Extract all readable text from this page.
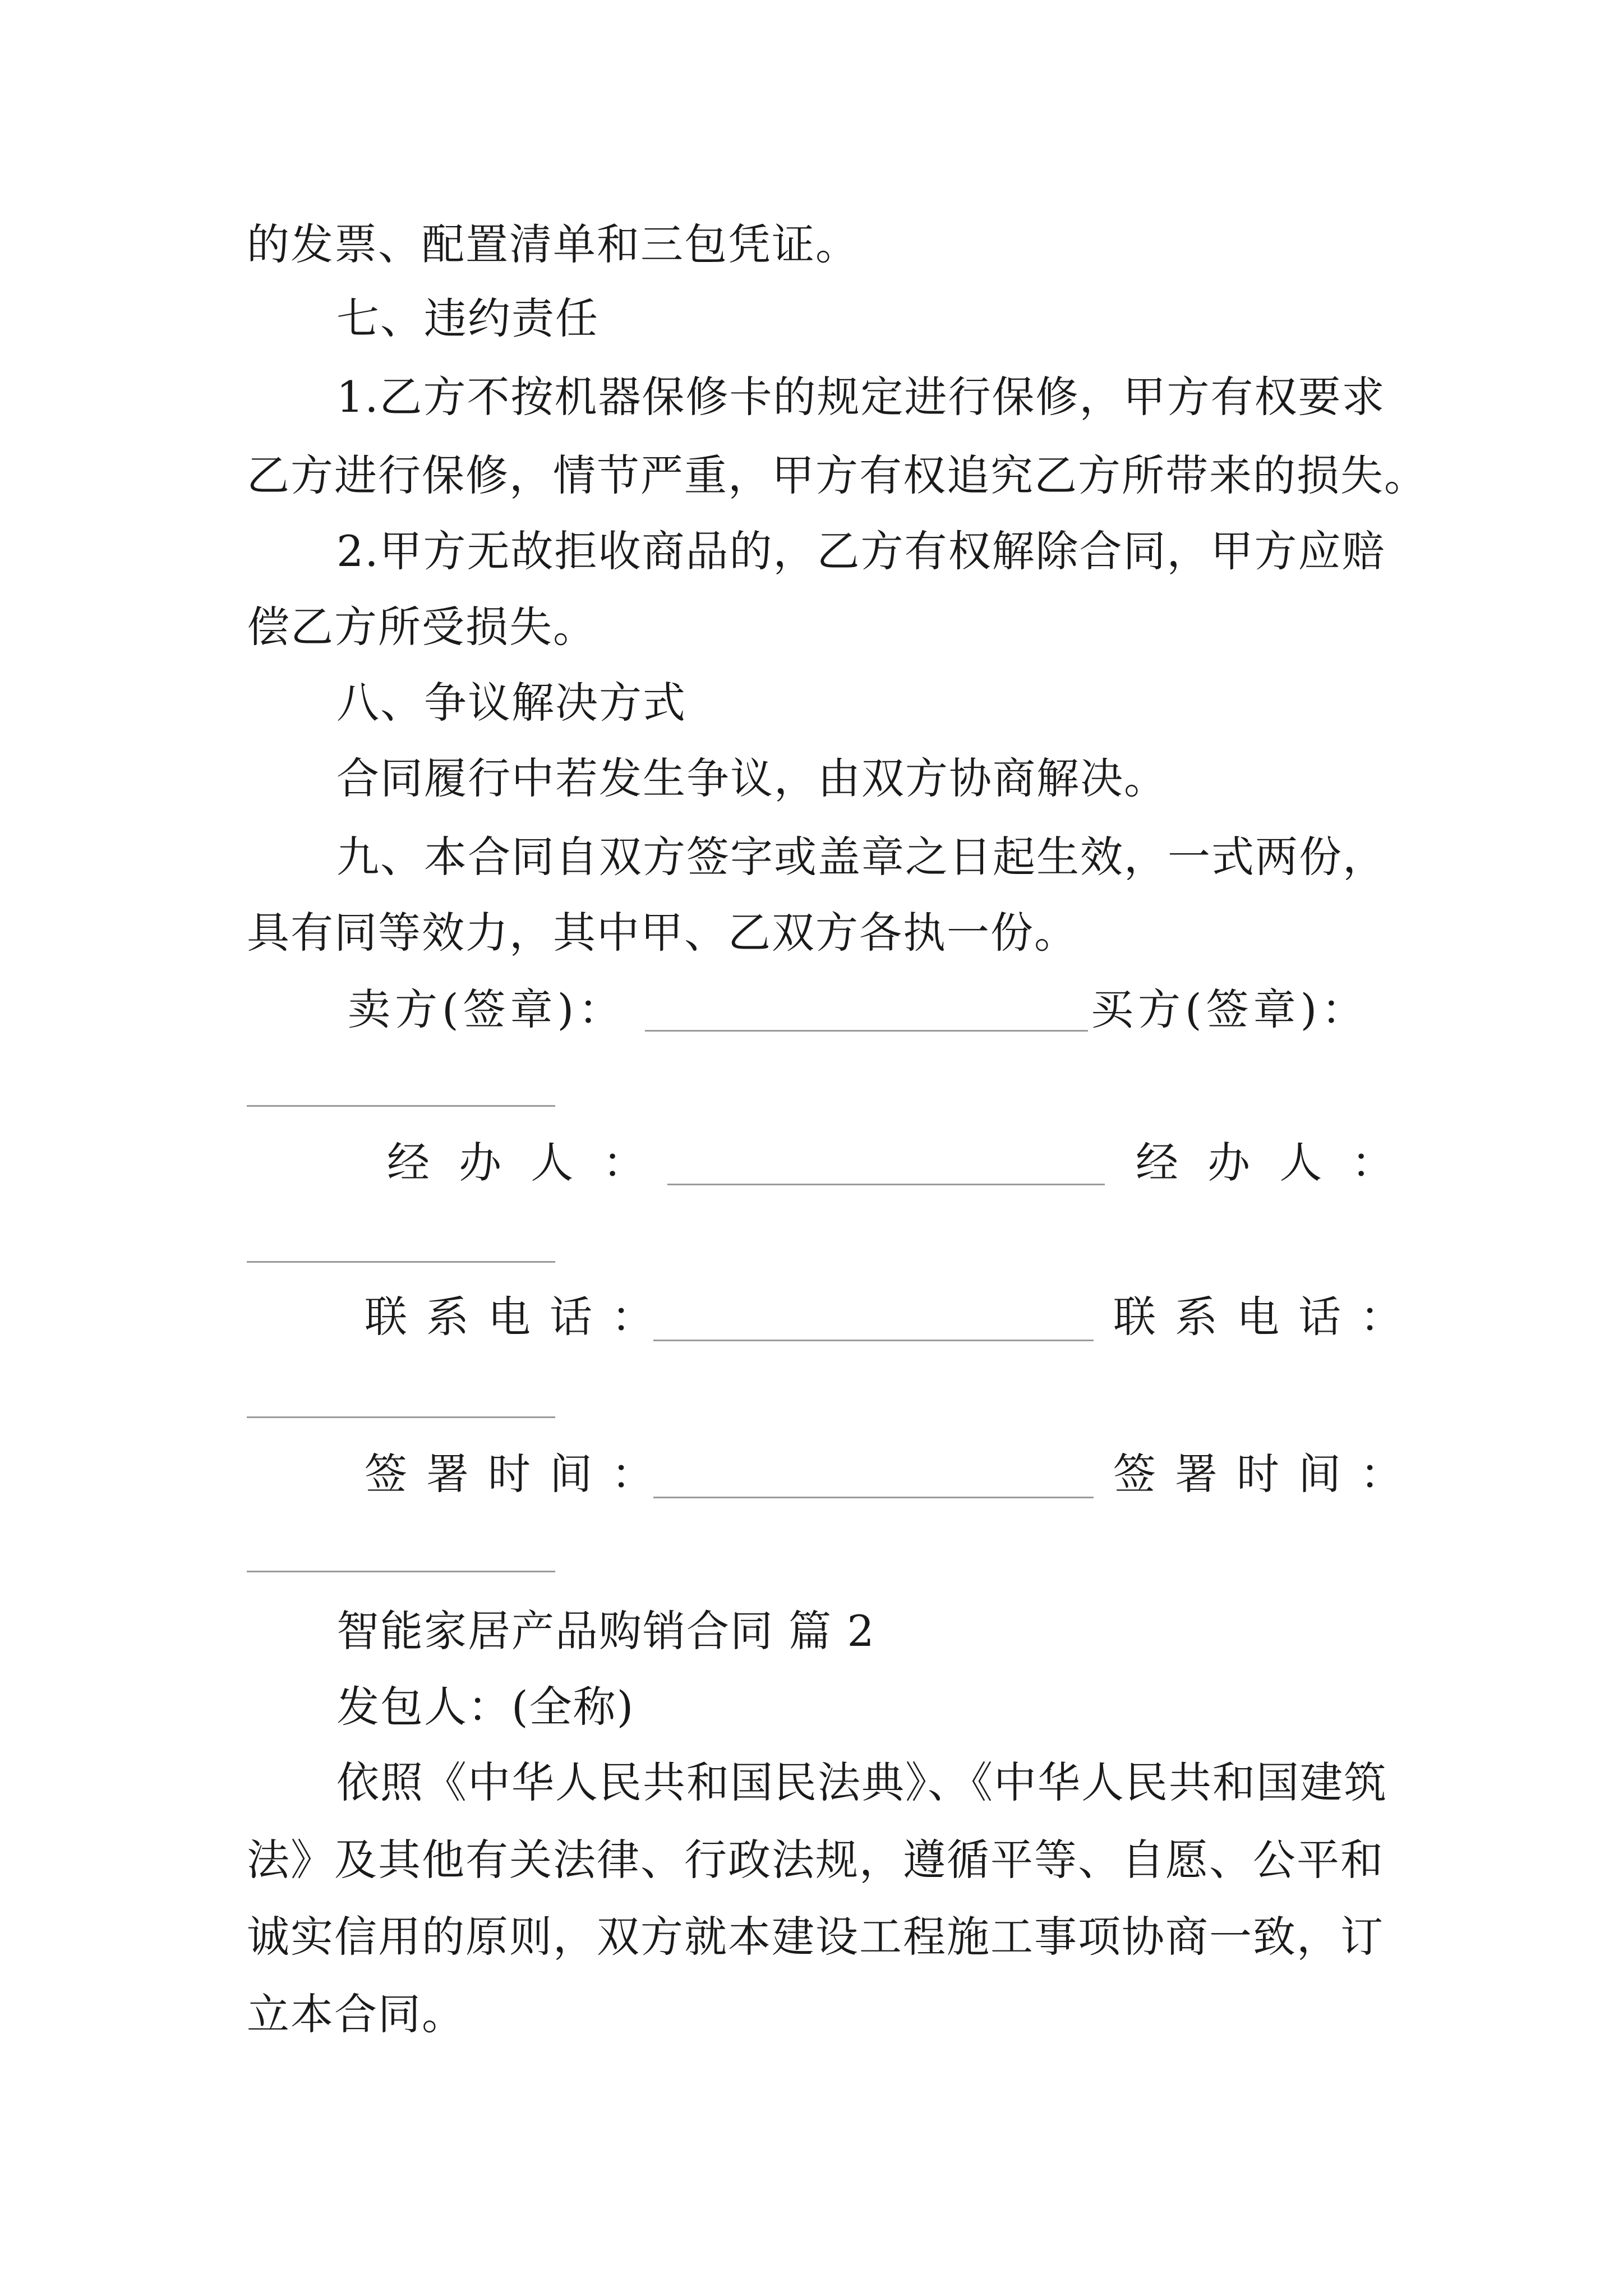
的发票、配置清单和三包凭证。
七、违约责任
1.乙方不按机器保修卡的规定进行保修，甲方有权要求
乙方进行保修，情节严重，甲方有权追究乙方所带来的损失。
2.甲方无故拒收商品的，乙方有权解除合同，甲方应赔
偿乙方所受损失。
八、争议解决方式
合同履行中若发生争议，由双方协商解决。
九、本合同自双方签字或盖章之日起生效，一式两份，
具有同等效力，其中甲、乙双方各执一份。
卖方(签章)：	买方(签章)：
经 办 人 ：	经 办 人 ：
联系电话：	联系电话：
签署时间：	签署时间：
智能家居产品购销合同 篇 2
发包人：(全称)
依照《中华人民共和国民法典》、《中华人民共和国建筑
法》及其他有关法律、行政法规，遵循平等、自愿、公平和
诚实信用的原则，双方就本建设工程施工事项协商一致，订
立本合同。
